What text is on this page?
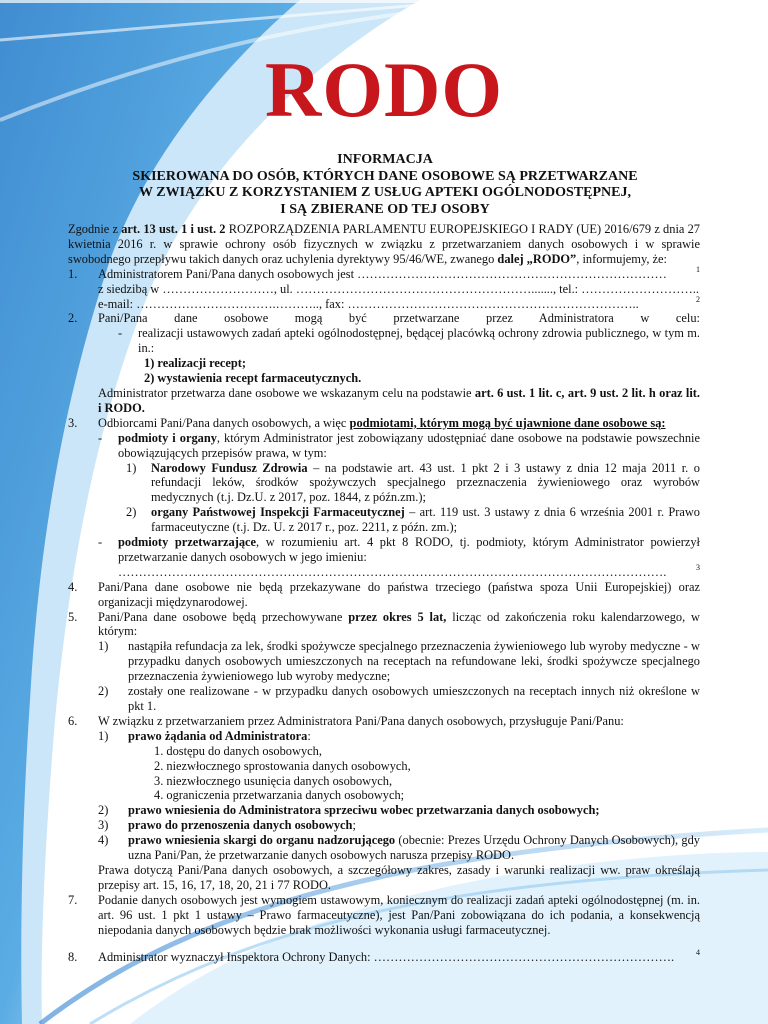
RODO
INFORMACJA
SKIEROWANA DO OSÓB, KTÓRYCH DANE OSOBOWE SĄ PRZETWARZANE
W ZWIĄZKU Z KORZYSTANIEM Z USŁUG APTEKI OGÓLNODOSTĘPNEJ,
I SĄ ZBIERANE OD TEJ OSOBY

Zgodnie z art. 13 ust. 1 i ust. 2 ROZPORZĄDZENIA PARLAMENTU EUROPEJSKIEGO I RADY (UE) 2016/679 z dnia 27 kwietnia 2016 r. w sprawie ochrony osób fizycznych w związku z przetwarzaniem danych osobowych i w sprawie swobodnego przepływu takich danych oraz uchylenia dyrektywy 95/46/WE, zwanego dalej „RODO”, informujemy, że:

1.	Administratorem Pani/Pana danych osobowych jest …………………………………………………………………	1
z siedzibą w ………………………, ul. …………………………………………………......., tel.: ………………………..
e-mail: …………………………….……….., fax: ……………………………………………………………..	2
2.	Pani/Pana dane osobowe mogą być przetwarzane przez Administratora w celu:

-	realizacji ustawowych zadań apteki ogólnodostępnej, będącej placówką ochrony zdrowia publicznego, w tym m. in.:
1) realizacji recept;
2) wystawienia recept farmaceutycznych.

Administrator przetwarza dane osobowe we wskazanym celu na podstawie art. 6 ust. 1 lit. c, art. 9 ust. 2 lit. h oraz lit. i RODO.

3.	Odbiorcami Pani/Pana danych osobowych, a więc podmiotami, którym mogą być ujawnione dane osobowe są:

-	podmioty i organy, którym Administrator jest zobowiązany udostępniać dane osobowe na podstawie powszechnie obowiązujących przepisów prawa, w tym:
1)	Narodowy Fundusz Zdrowia – na podstawie art. 43 ust. 1 pkt 2 i 3 ustawy z dnia 12 maja 2011 r. o refundacji leków, środków spożywczych specjalnego przeznaczenia żywieniowego oraz wyrobów medycznych (t.j. Dz.U. z 2017, poz. 1844, z późn.zm.);
2)	organy Państwowej Inspekcji Farmaceutycznej – art. 119 ust. 3 ustawy z dnia 6 września 2001 r. Prawo farmaceutyczne (t.j. Dz. U. z 2017 r., poz. 2211, z późn. zm.);
-	podmioty przetwarzające, w rozumieniu art. 4 pkt 8 RODO, tj. podmioty, którym Administrator powierzył przetwarzanie danych osobowych w jego imieniu:
…………………………………………………………………………………………………………………….	3
4.	Pani/Pana dane osobowe nie będą przekazywane do państwa trzeciego (państwa spoza Unii Europejskiej) oraz organizacji międzynarodowej.
5.	Pani/Pana dane osobowe będą przechowywane przez okres 5 lat, licząc od zakończenia roku kalendarzowego, w którym:

1)	nastąpiła refundacja za lek, środki spożywcze specjalnego przeznaczenia żywieniowego lub wyroby medyczne - w przypadku danych osobowych umieszczonych na receptach na refundowane leki, środki spożywcze specjalnego przeznaczenia żywieniowego lub wyroby medyczne;
2)	zostały one realizowane - w przypadku danych osobowych umieszczonych na receptach innych niż określone w pkt 1.
6.	W związku z przetwarzaniem przez Administratora Pani/Pana danych osobowych, przysługuje Pani/Panu:

1)	prawo żądania od Administratora:
1. dostępu do danych osobowych,
2. niezwłocznego sprostowania danych osobowych,
3. niezwłocznego usunięcia danych osobowych,
4. ograniczenia przetwarzania danych osobowych;
2)	prawo wniesienia do Administratora sprzeciwu wobec przetwarzania danych osobowych;
3)	prawo do przenoszenia danych osobowych;
4)	prawo wniesienia skargi do organu nadzorującego (obecnie: Prezes Urzędu Ochrony Danych Osobowych), gdy uzna Pani/Pan, że przetwarzanie danych osobowych narusza przepisy RODO.

Prawa dotyczą Pani/Pana danych osobowych, a szczegółowy zakres, zasady i warunki realizacji ww. praw określają przepisy art. 15, 16, 17, 18, 20, 21 i 77 RODO.

7.	Podanie danych osobowych jest wymogiem ustawowym, koniecznym do realizacji zadań apteki ogólnodostępnej (m. in. art. 96 ust. 1 pkt 1 ustawy – Prawo farmaceutyczne), jest Pan/Pani zobowiązana do ich podania, a konsekwencją niepodania danych osobowych będzie brak możliwości wykonania usługi farmaceutycznej.
8.	Administrator wyznaczył Inspektora Ochrony Danych: ……………………………………………………………….	4
